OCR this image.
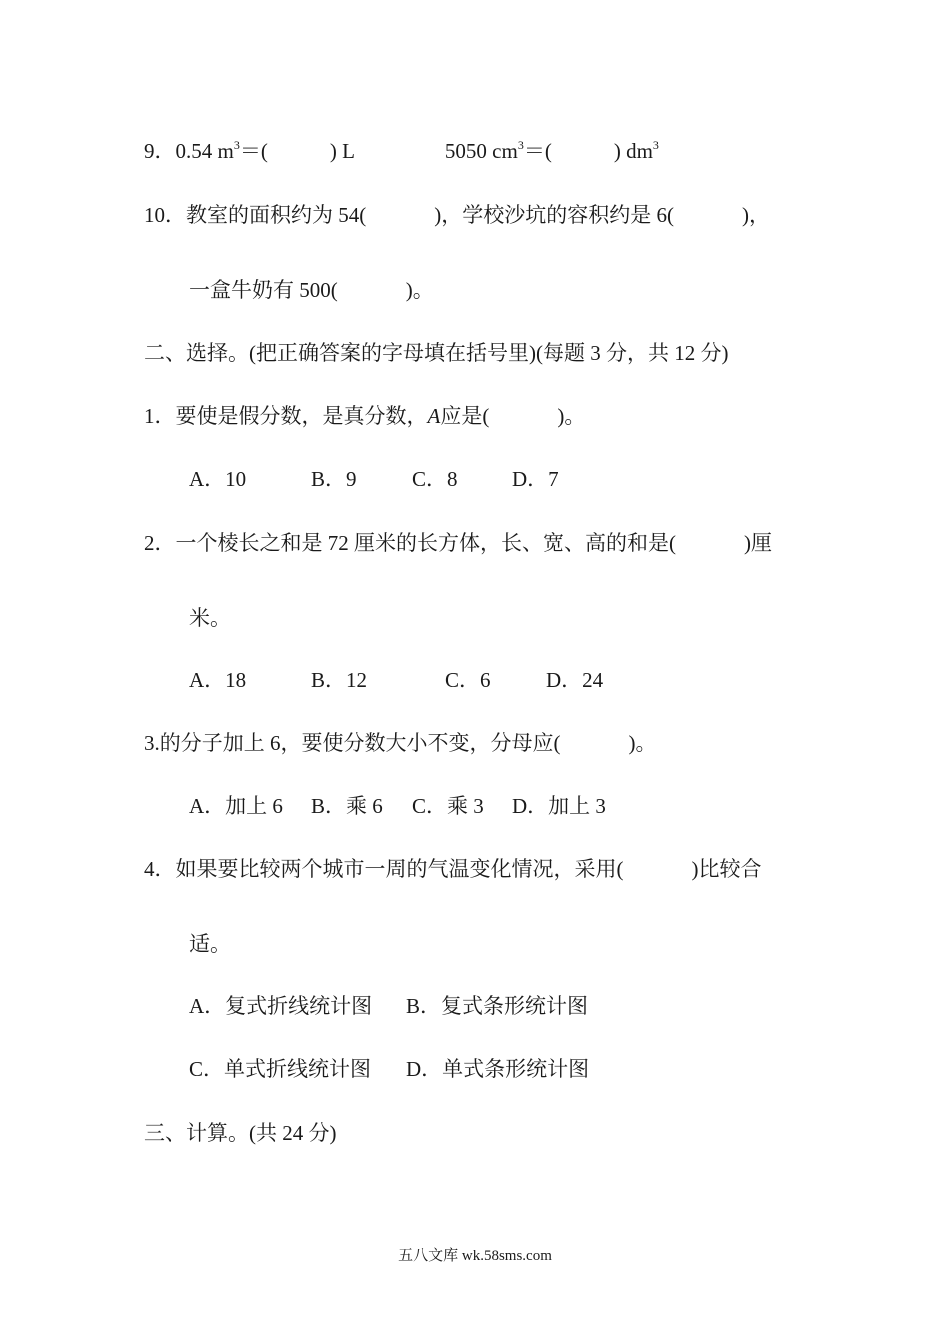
9．0.54 $m^3=$(	) L	5050 $cm^3=$(	) $dm^3$
10．教室的面积约为 54(	)，学校沙坑的容积约是 6(	)，
一盒牛奶有 500(	)。
二、选择。(把正确答案的字母填在括号里)(每题 3 分，共 12 分)
1．要使是假分数，是真分数，A应是(	)。
A．10	B．9	C．8	D．7
2．一个棱长之和是 72 厘米的长方体，长、宽、高的和是(	)厘
米。
A．18	B．12	C．6	D．24
3.的分子加上 6，要使分数大小不变，分母应(	)。
A．加上 6 B．乘 6 C．乘 3 D．加上 3
4．如果要比较两个城市一周的气温变化情况，采用(	)比较合
适。
A．复式折线统计图 B．复式条形统计图
C．单式折线统计图 D．单式条形统计图
三、计算。(共 24 分)
五八文库 wk.58sms.com
